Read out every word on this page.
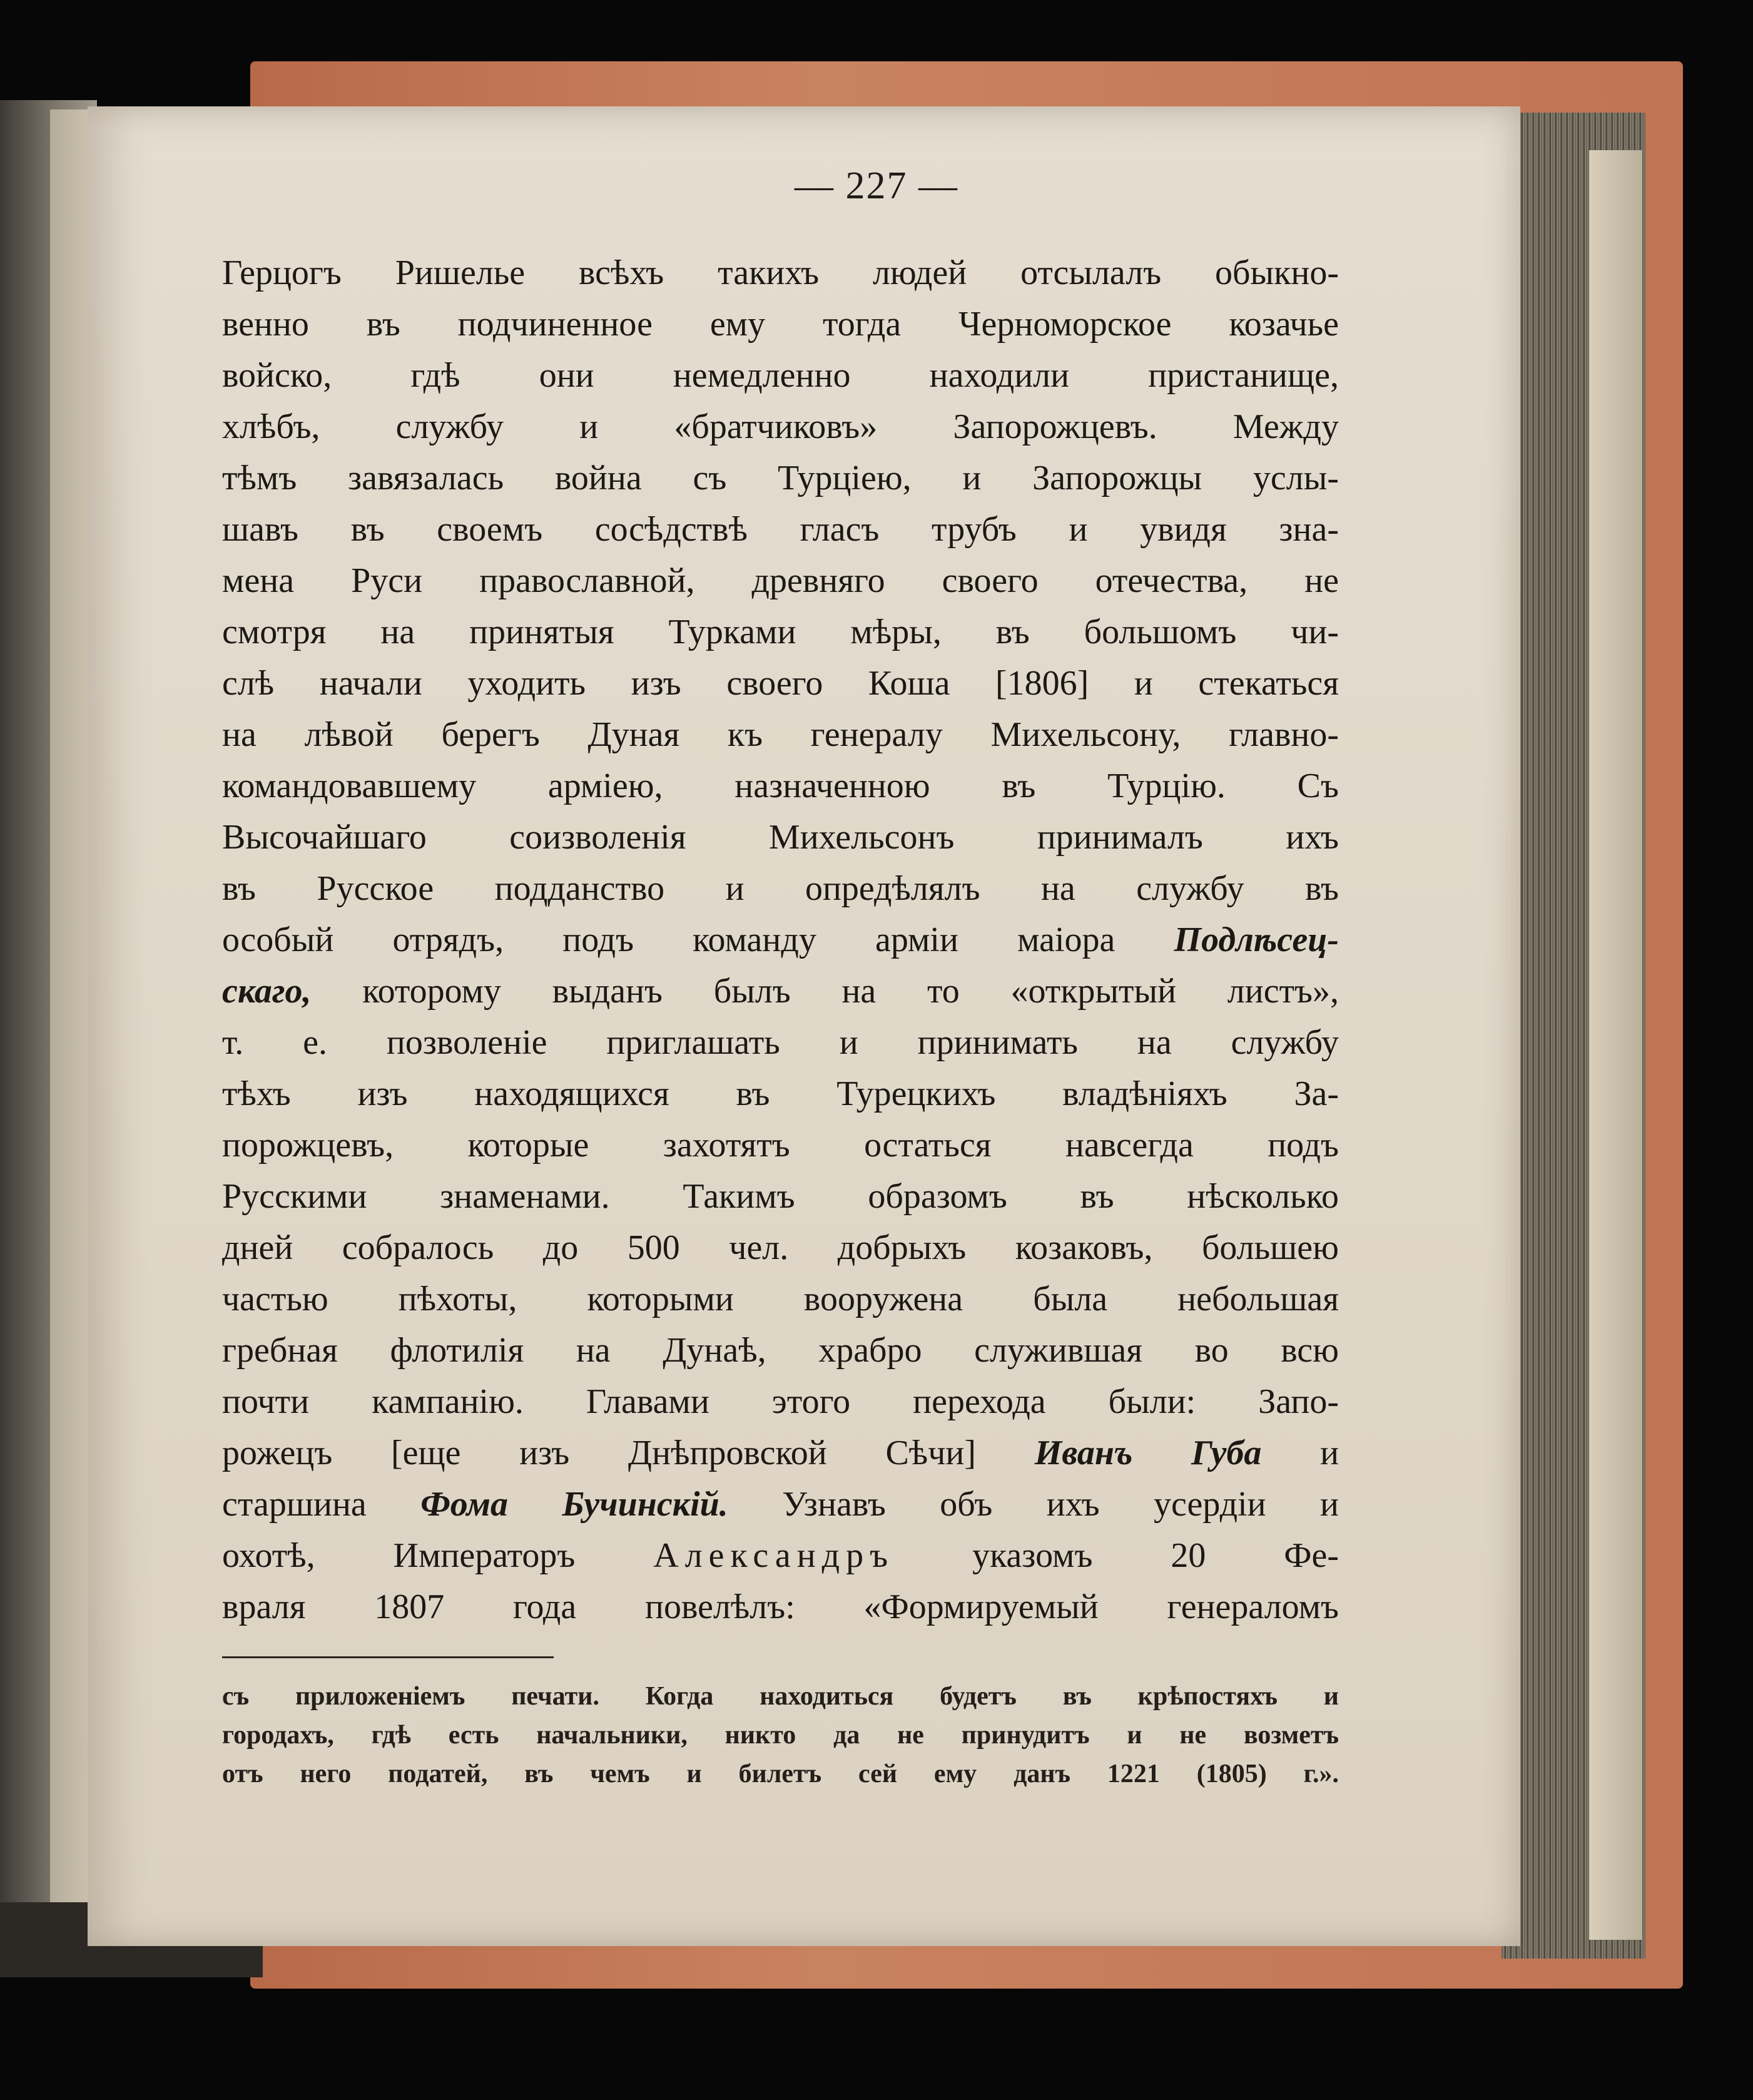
— 227 —
Герцогъ Ришелье всѣхъ такихъ людей отсылалъ обыкно-
венно въ подчиненное ему тогда Черноморское козачье
войско, гдѣ они немедленно находили пристанище,
хлѣбъ, службу и «братчиковъ» Запорожцевъ. Между
тѣмъ завязалась война съ Турціею, и Запорожцы услы-
шавъ въ своемъ сосѣдствѣ гласъ трубъ и увидя зна-
мена Руси православной, древняго своего отечества, не
смотря на принятыя Турками мѣры, въ большомъ чи-
слѣ начали уходить изъ своего Коша [1806] и стекаться
на лѣвой берегъ Дуная къ генералу Михельсону, главно-
командовавшему арміею, назначенною въ Турцію. Съ
Высочайшаго соизволенія Михельсонъ принималъ ихъ
въ Русское подданство и опредѣлялъ на службу въ
особый отрядъ, подъ команду арміи маіора Подлѣсец-
скаго, которому выданъ былъ на то «открытый листъ»,
т. е. позволеніе приглашать и принимать на службу
тѣхъ изъ находящихся въ Турецкихъ владѣніяхъ За-
порожцевъ, которые захотятъ остаться навсегда подъ
Русскими знаменами. Такимъ образомъ въ нѣсколько
дней собралось до 500 чел. добрыхъ козаковъ, большею
частью пѣхоты, которыми вооружена была небольшая
гребная флотилія на Дунаѣ, храбро служившая во всю
почти кампанію. Главами этого перехода были: Запо-
рожецъ [еще изъ Днѣпровской Сѣчи] Иванъ Губа и
старшина Фома Бучинскій. Узнавъ объ ихъ усердіи и
охотѣ, Императоръ Александръ указомъ 20 Фе-
враля 1807 года повелѣлъ: «Формируемый генераломъ
съ приложеніемъ печати. Когда находиться будетъ въ крѣпостяхъ и
городахъ, гдѣ есть начальники, никто да не принудитъ и не возметъ
отъ него податей, въ чемъ и билетъ сей ему данъ 1221 (1805) г.».
